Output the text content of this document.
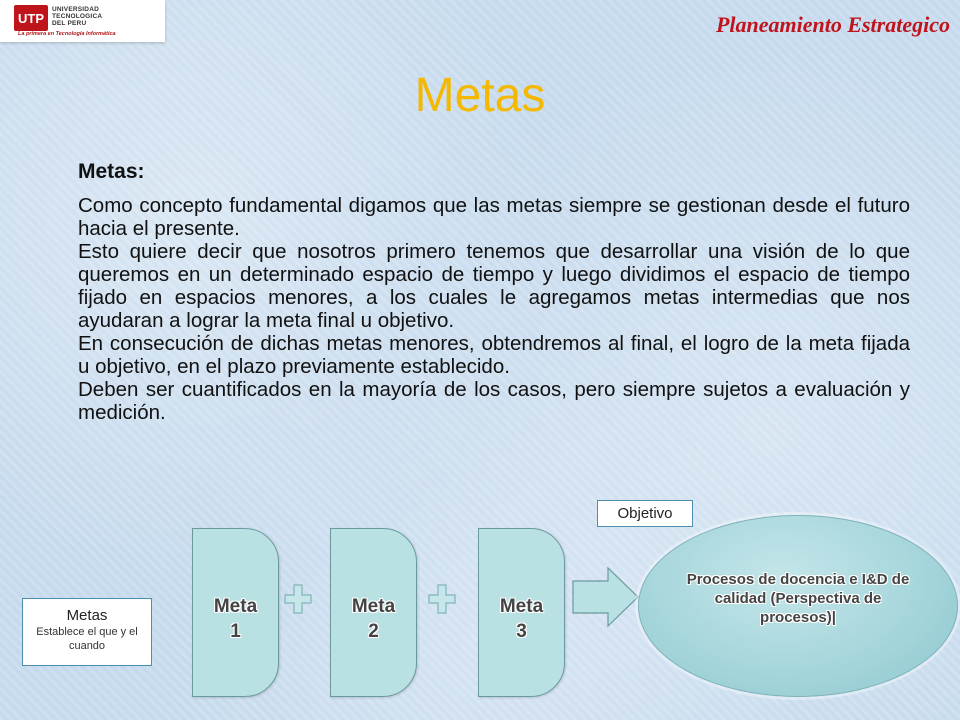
UTP
UNIVERSIDAD
TECNOLOGICA
DEL PERU
La primera en Tecnología Informática	Planeamiento Estrategico
Metas

Metas:

Como concepto fundamental digamos que las metas siempre se gestionan desde el futuro hacia el presente.

Esto quiere decir que nosotros primero tenemos que desarrollar una visión de lo que queremos en un determinado espacio de tiempo y luego dividimos el espacio de tiempo fijado en espacios menores, a los cuales le agregamos metas intermedias que nos ayudaran a lograr la meta final u objetivo.

En consecución de dichas metas menores, obtendremos al final, el logro de la meta fijada u objetivo, en el plazo previamente establecido.

Deben ser cuantificados en la mayoría de los casos, pero siempre sujetos a evaluación y medición.

Objetivo
Meta
1
Meta
2
Meta
3
Procesos de docencia e I&D de calidad (Perspectiva de procesos)|
Metas
Establece el que y el cuando
